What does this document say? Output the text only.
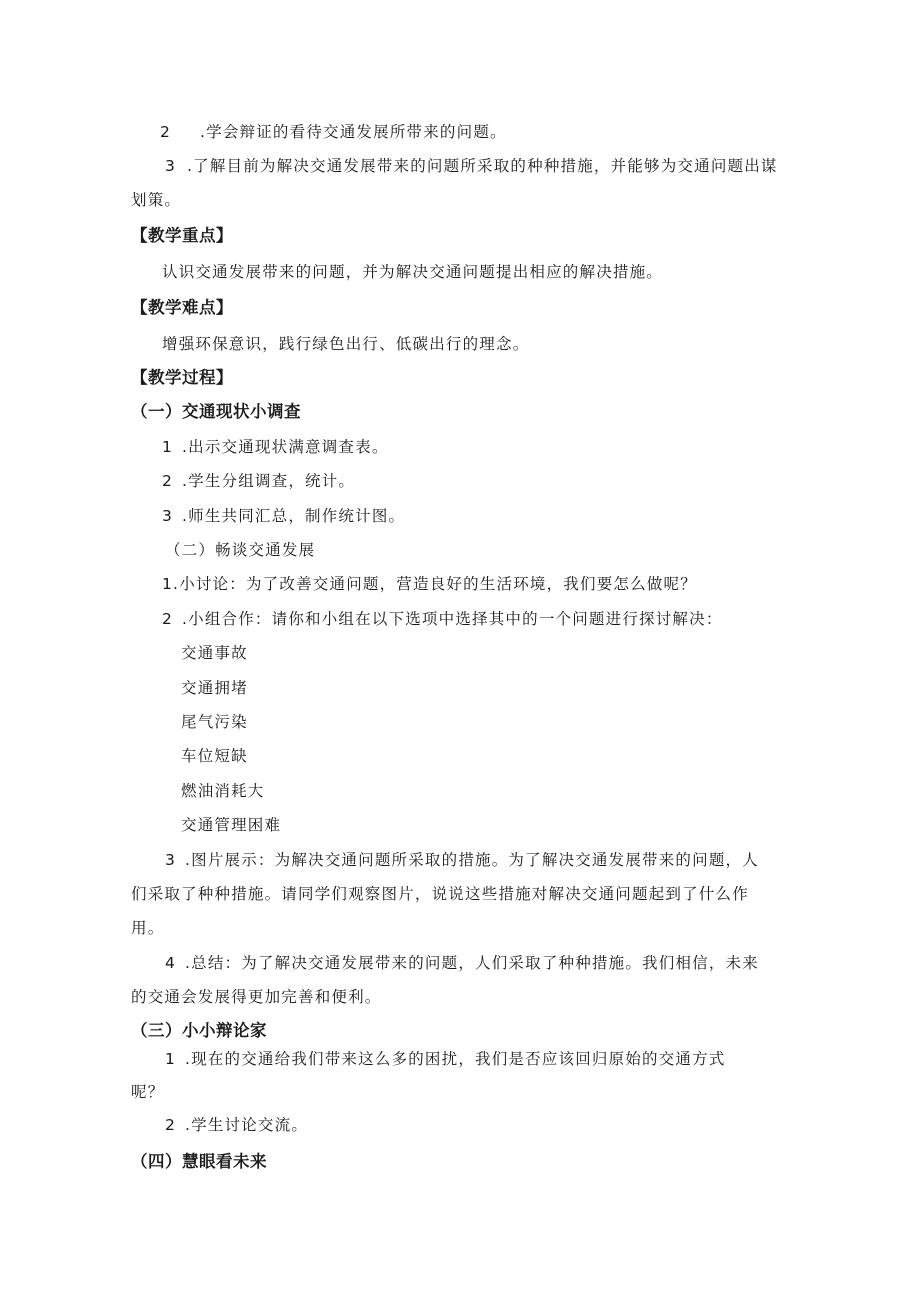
2 .学会辩证的看待交通发展所带来的问题。
3 .了解目前为解决交通发展带来的问题所采取的种种措施，并能够为交通问题出谋
划策。
【教学重点】
认识交通发展带来的问题，并为解决交通问题提出相应的解决措施。
【教学难点】
增强环保意识，践行绿色出行、低碳出行的理念。
【教学过程】
（一）交通现状小调查
1 .出示交通现状满意调查表。
2 .学生分组调查，统计。
3 .师生共同汇总，制作统计图。
（二）畅谈交通发展
1.小讨论：为了改善交通问题，营造良好的生活环境，我们要怎么做呢？
2 .小组合作：请你和小组在以下选项中选择其中的一个问题进行探讨解决：
交通事故
交通拥堵
尾气污染
车位短缺
燃油消耗大
交通管理困难
3 .图片展示：为解决交通问题所采取的措施。为了解决交通发展带来的问题，人
们采取了种种措施。请同学们观察图片，说说这些措施对解决交通问题起到了什么作
用。
4 .总结：为了解决交通发展带来的问题，人们采取了种种措施。我们相信，未来
的交通会发展得更加完善和便利。
（三）小小辩论家
1 .现在的交通给我们带来这么多的困扰，我们是否应该回归原始的交通方式
呢？
2 .学生讨论交流。
（四）慧眼看未来
